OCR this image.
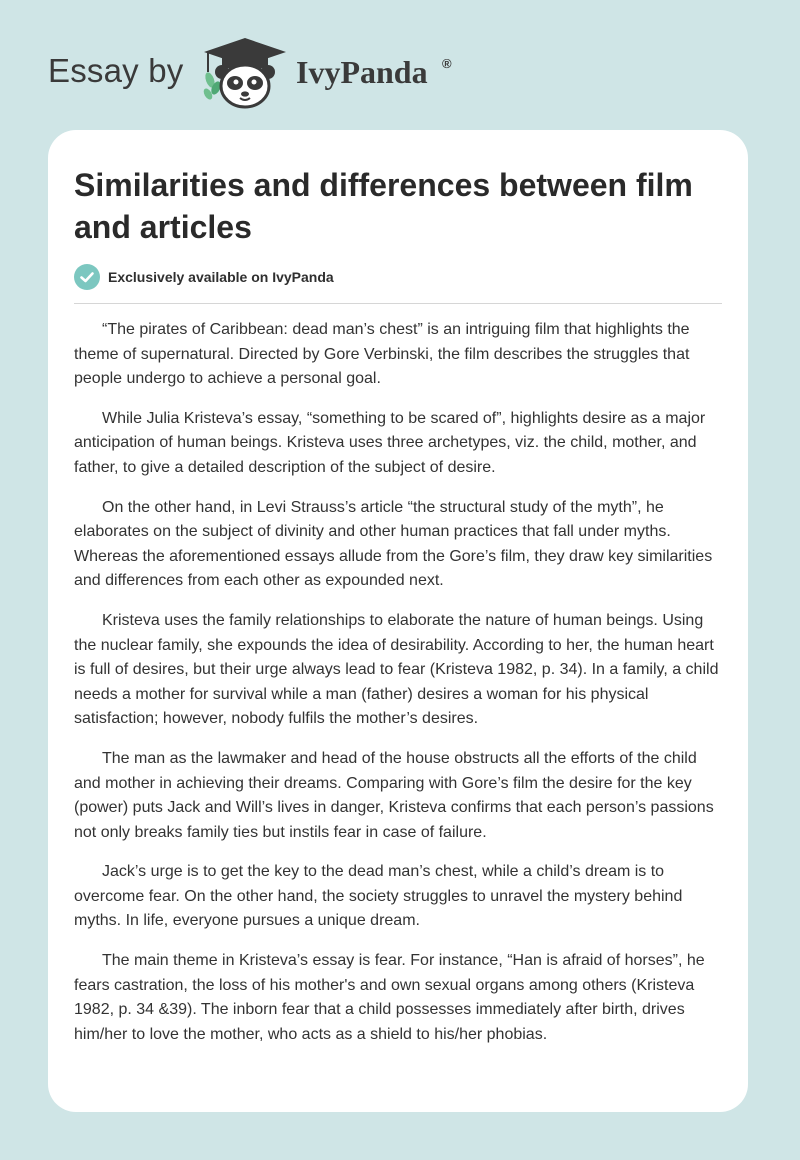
Essay by	IvyPanda ®
Similarities and differences between film and articles
Exclusively available on IvyPanda

“The pirates of Caribbean: dead man’s chest” is an intriguing film that highlights the theme of supernatural. Directed by Gore Verbinski, the film describes the struggles that people undergo to achieve a personal goal.

While Julia Kristeva’s essay, “something to be scared of”, highlights desire as a major anticipation of human beings. Kristeva uses three archetypes, viz. the child, mother, and father, to give a detailed description of the subject of desire.

On the other hand, in Levi Strauss’s article “the structural study of the myth”, he elaborates on the subject of divinity and other human practices that fall under myths. Whereas the aforementioned essays allude from the Gore’s film, they draw key similarities and differences from each other as expounded next.

Kristeva uses the family relationships to elaborate the nature of human beings. Using the nuclear family, she expounds the idea of desirability. According to her, the human heart is full of desires, but their urge always lead to fear (Kristeva 1982, p. 34). In a family, a child needs a mother for survival while a man (father) desires a woman for his physical satisfaction; however, nobody fulfils the mother’s desires.

The man as the lawmaker and head of the house obstructs all the efforts of the child and mother in achieving their dreams. Comparing with Gore’s film the desire for the key (power) puts Jack and Will’s lives in danger, Kristeva confirms that each person’s passions not only breaks family ties but instils fear in case of failure.

Jack’s urge is to get the key to the dead man’s chest, while a child’s dream is to overcome fear. On the other hand, the society struggles to unravel the mystery behind myths. In life, everyone pursues a unique dream.

The main theme in Kristeva’s essay is fear. For instance, “Han is afraid of horses”, he fears castration, the loss of his mother's and own sexual organs among others (Kristeva 1982, p. 34 &39). The inborn fear that a child possesses immediately after birth, drives him/her to love the mother, who acts as a shield to his/her phobias.
